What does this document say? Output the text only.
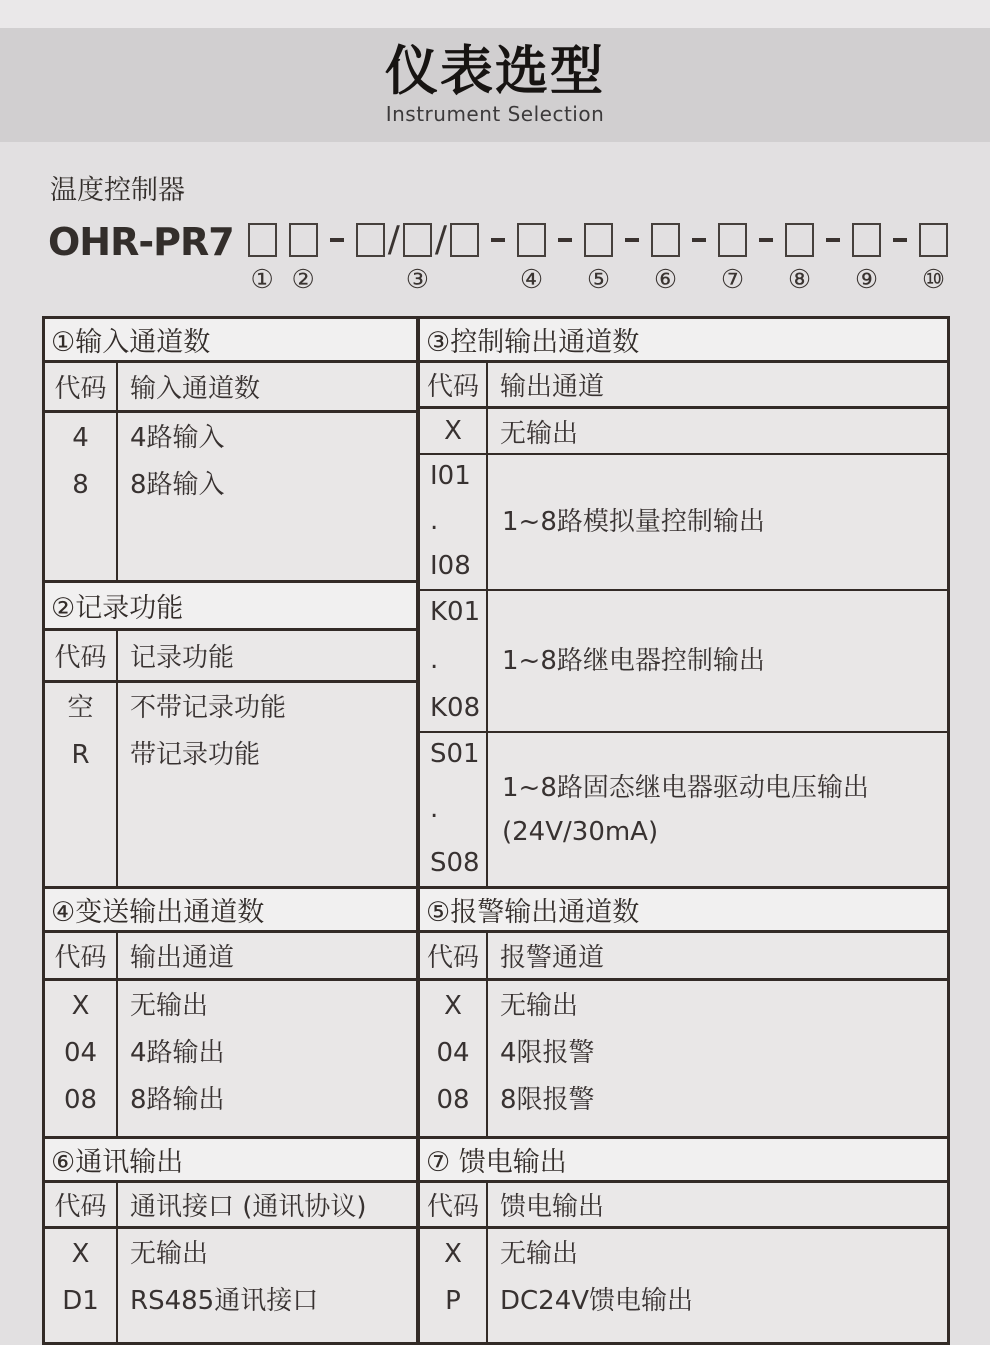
仪表选型
Instrument Selection
温度控制器
OHR-PR7
① ②
/ /
③	④ ⑤ ⑥ ⑦ ⑧ ⑨ ⑩
①输入通道数
代码 输入通道数
4
8
4路输入
8路输入
②记录功能
代码 记录功能
空
R
不带记录功能
带记录功能
③控制输出通道数
代码 输出通道
X	无输出
I01
.
I08
1~8路模拟量控制输出
K01
.
K08
1~8路继电器控制输出
S01
.
S08
1~8路固态继电器驱动电压输出
(24V/30mA)
④变送输出通道数
代码 输出通道
X
04
08
无输出
4路输出
8路输出
⑤报警输出通道数
代码 报警通道
X
04
08
无输出
4限报警
8限报警
⑥通讯输出
代码 通讯接口 (通讯协议)
X
D1
无输出
RS485通讯接口
⑦ 馈电输出
代码 馈电输出
X
P
无输出
DC24V馈电输出
